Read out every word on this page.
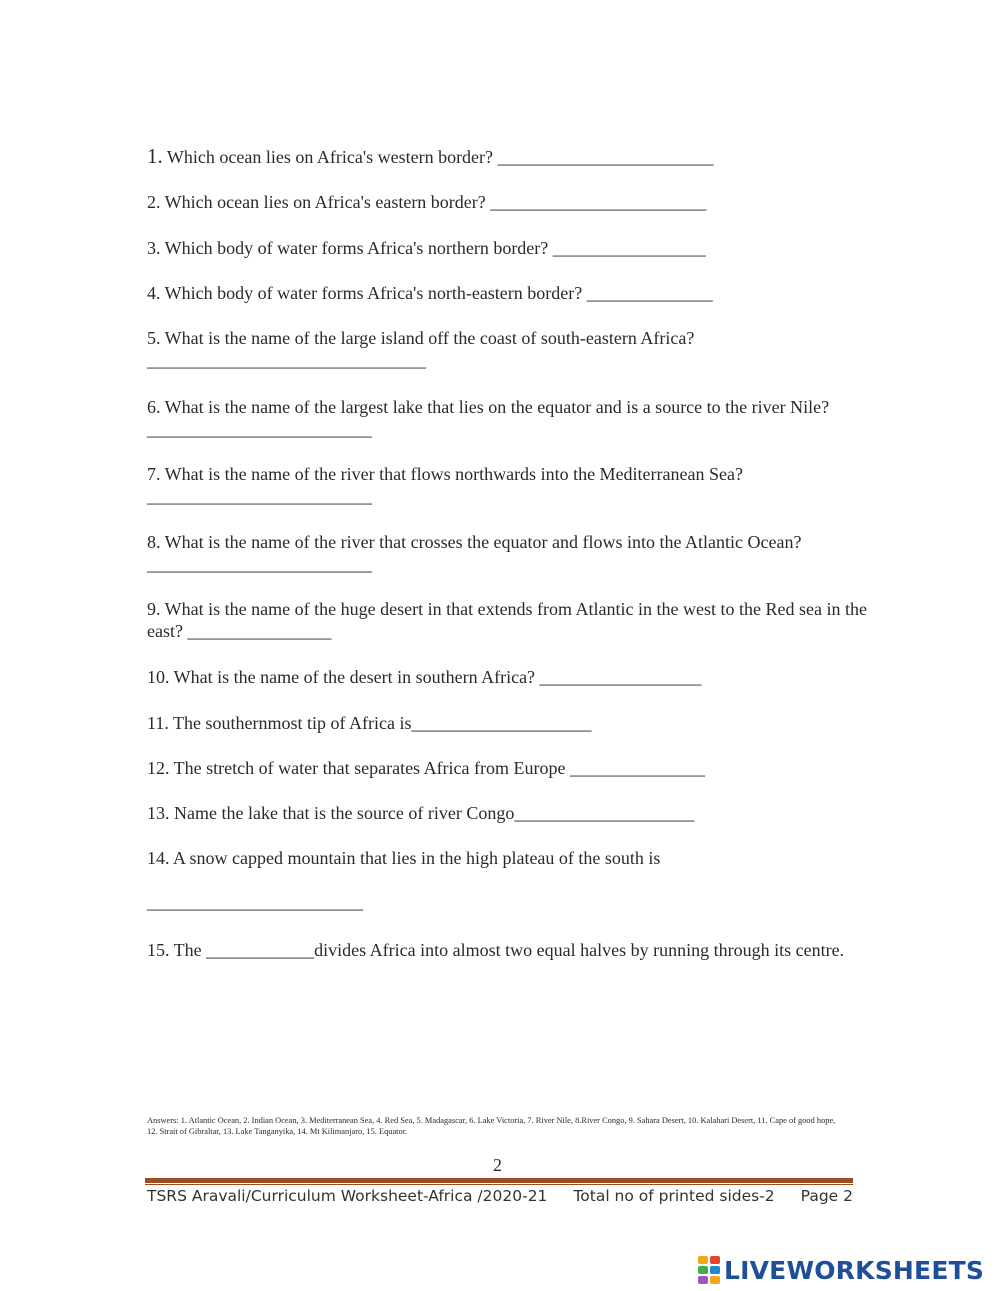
1. Which ocean lies on Africa's western border? ________________________

2. Which ocean lies on Africa's eastern border? ________________________

3. Which body of water forms Africa's northern border? _________________

4. Which body of water forms Africa's north-eastern border? ______________

5. What is the name of the large island off the coast of south-eastern Africa?
_______________________________

6. What is the name of the largest lake that lies on the equator and is a source to the river Nile? _________________________

7. What is the name of the river that flows northwards into the Mediterranean Sea?
_________________________

8. What is the name of the river that crosses the equator and flows into the Atlantic Ocean? _________________________

9. What is the name of the huge desert in that extends from Atlantic in the west to the Red sea in the east? ________________

10. What is the name of the desert in southern Africa? __________________

11. The southernmost tip of Africa is____________________

12. The stretch of water that separates Africa from Europe _______________

13. Name the lake that is the source of river Congo____________________

14. A snow capped mountain that lies in the high plateau of the south is

________________________

15. The ____________divides Africa into almost two equal halves by running through its centre.

Answers: 1. Atlantic Ocean, 2. Indian Ocean, 3. Mediterranean Sea, 4. Red Sea, 5. Madagascar, 6. Lake Victoria, 7. River Nile, 8.River Congo, 9. Sahara Desert, 10. Kalahari Desert, 11. Cape of good hope, 12. Strait of Gibraltar, 13. Lake Tanganyika, 14. Mt Kilimanjaro, 15. Equator.
2
TSRS Aravali/Curriculum Worksheet-Africa /2020-21 Total no of printed sides-2 Page 2
LIVEWORKSHEETS
